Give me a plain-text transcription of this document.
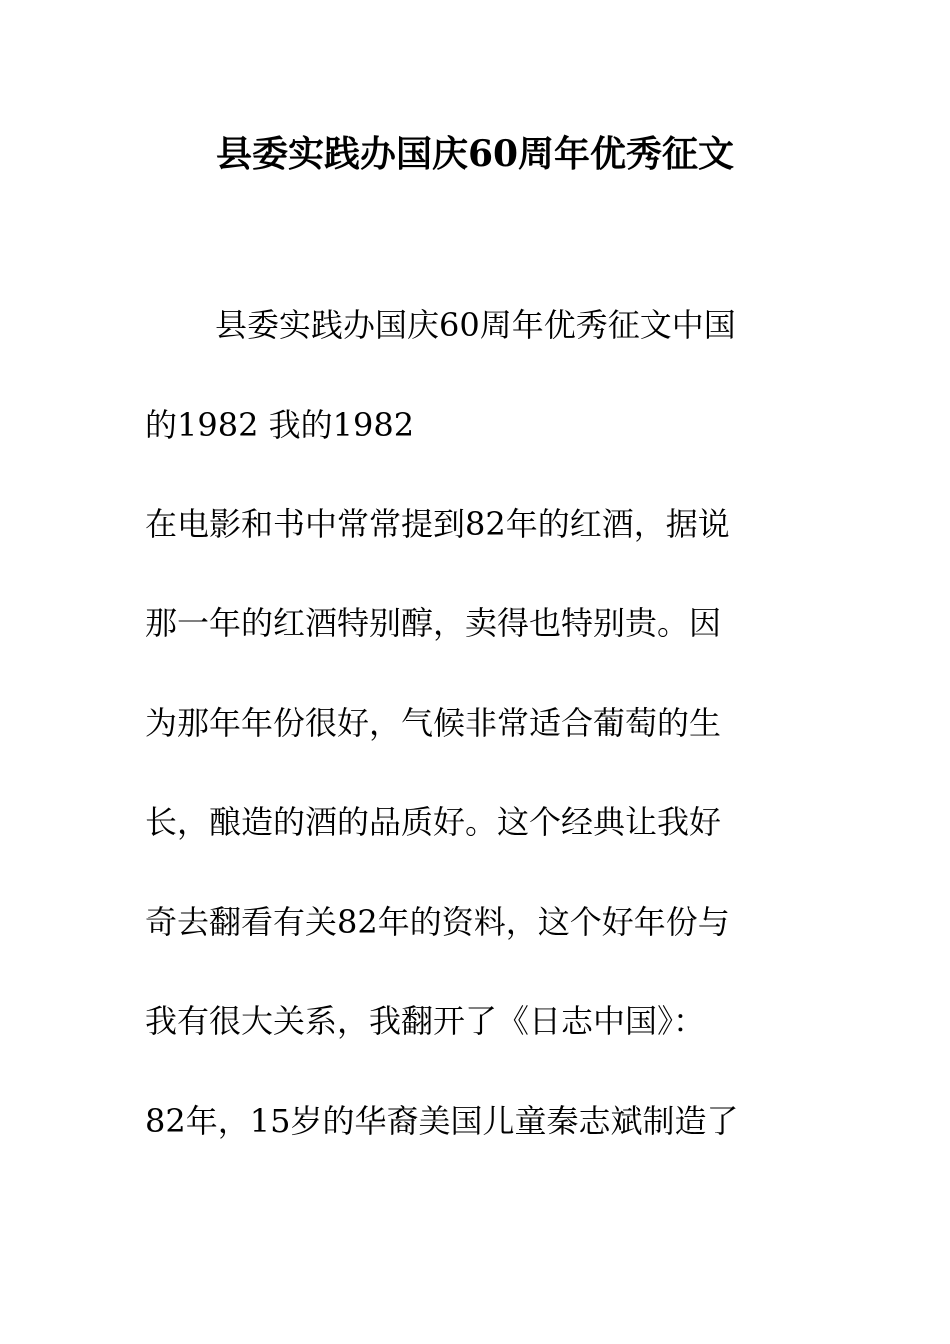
县委实践办国庆60周年优秀征文

县委实践办国庆60周年优秀征文中国

的1982 我的1982

在电影和书中常常提到82年的红酒，据说

那一年的红酒特别醇，卖得也特别贵。因

为那年年份很好，气候非常适合葡萄的生

长，酿造的酒的品质好。这个经典让我好

奇去翻看有关82年的资料，这个好年份与

我有很大关系，我翻开了《日志中国》：

82年，15岁的华裔美国儿童秦志斌制造了
